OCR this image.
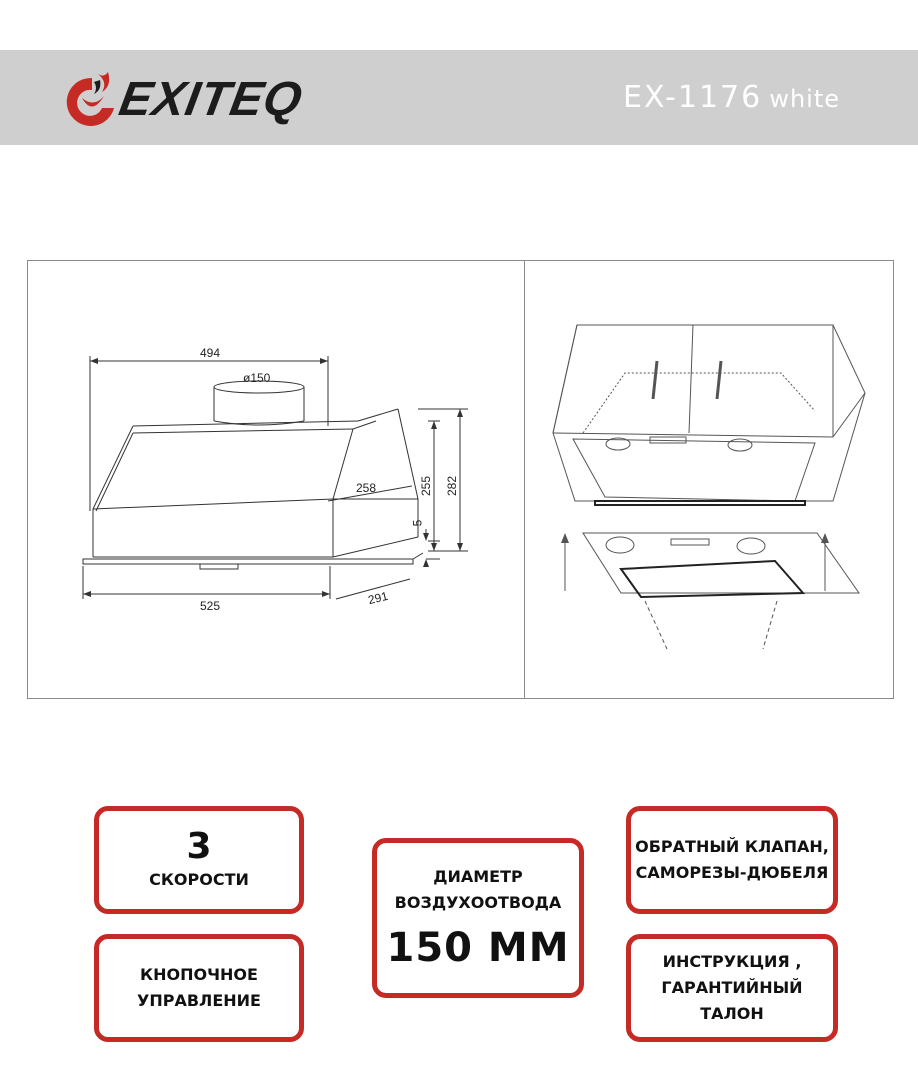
EXITEQ	EX-1176 white
494
ø150
258	255 282
5
525	291
3
СКОРОСТИ
КНОПОЧНОЕ
УПРАВЛЕНИЕ
ДИАМЕТР
ВОЗДУХООТВОДА
150 ММ
ОБРАТНЫЙ КЛАПАН,
САМОРЕЗЫ-ДЮБЕЛЯ
ИНСТРУКЦИЯ ,
ГАРАНТИЙНЫЙ ТАЛОН
